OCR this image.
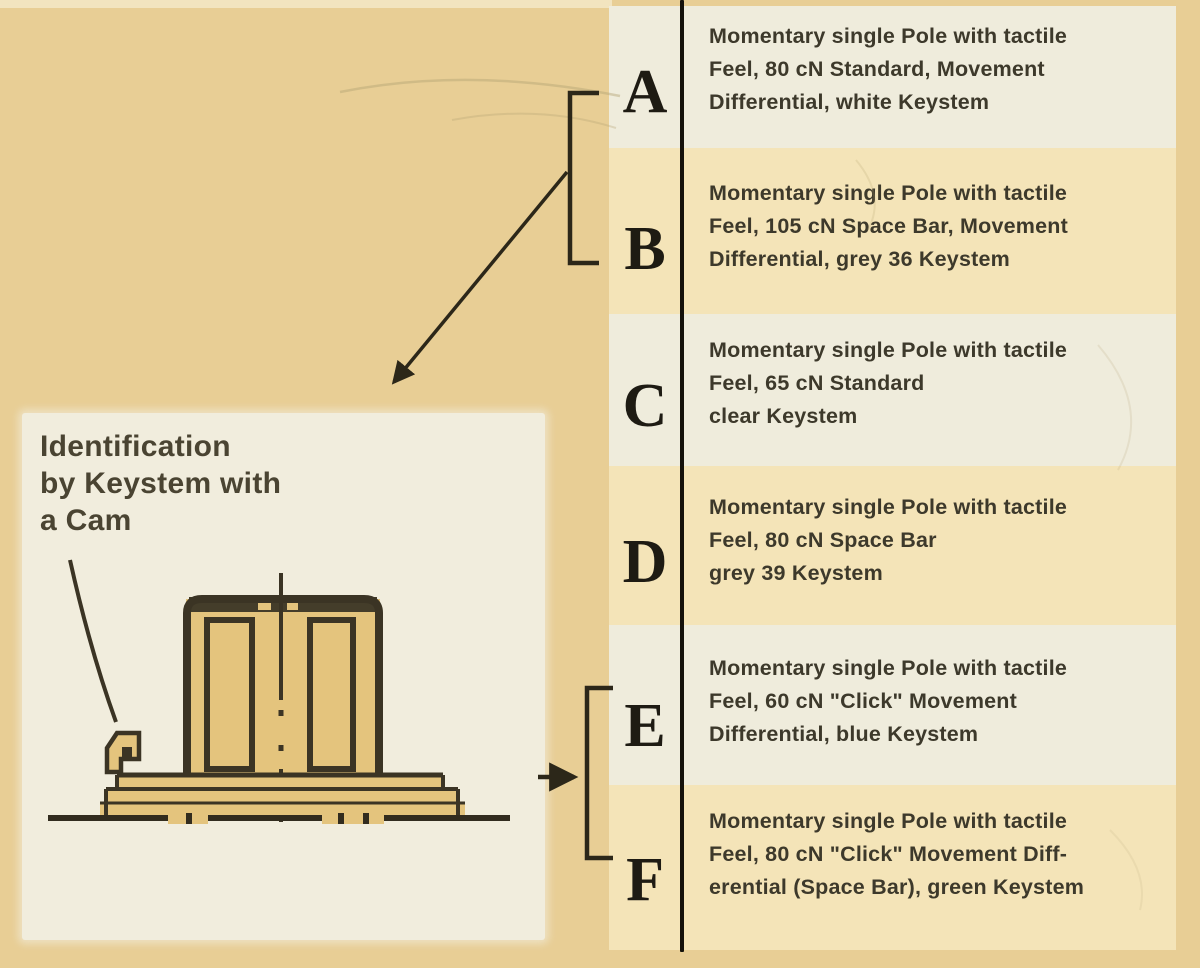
A
Momentary single Pole with tactile
Feel, 80 cN Standard, Movement
Differential, white Keystem
B
Momentary single Pole with tactile
Feel, 105 cN Space Bar, Movement
Differential, grey 36 Keystem
C
Momentary single Pole with tactile
Feel, 65 cN Standard
clear Keystem
D
Momentary single Pole with tactile
Feel, 80 cN Space Bar
grey 39 Keystem
E
Momentary single Pole with tactile
Feel, 60 cN "Click" Movement
Differential, blue Keystem
F
Momentary single Pole with tactile
Feel, 80 cN "Click" Movement Diff-
erential (Space Bar), green Keystem
Identification
by Keystem with
a Cam
